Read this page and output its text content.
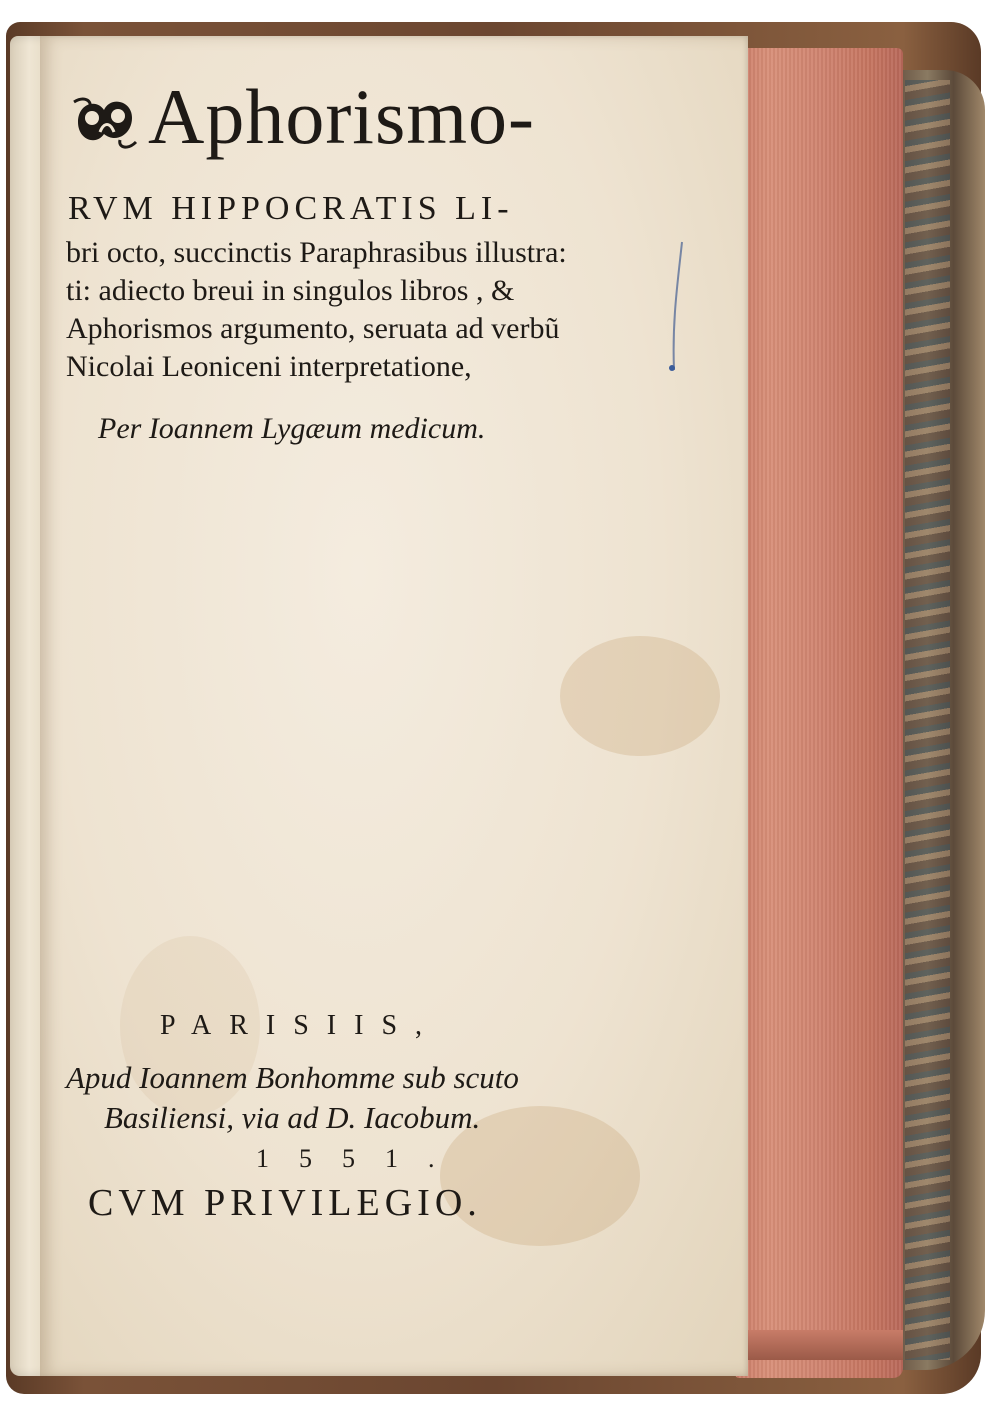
Aphorismo-
RVM HIPPOCRATIS LI-
bri octo, succinctis Paraphrasibus illustra:
ti: adiecto breui in singulos libros , &
Aphorismos argumento, seruata ad verbũ
Nicolai Leoniceni interpretatione,
Per Ioannem Lygæum medicum.
PARISIIS,
Apud Ioannem Bonhomme sub scuto
Basiliensi, via ad D. Iacobum.
1551.
CVM PRIVILEGIO.
